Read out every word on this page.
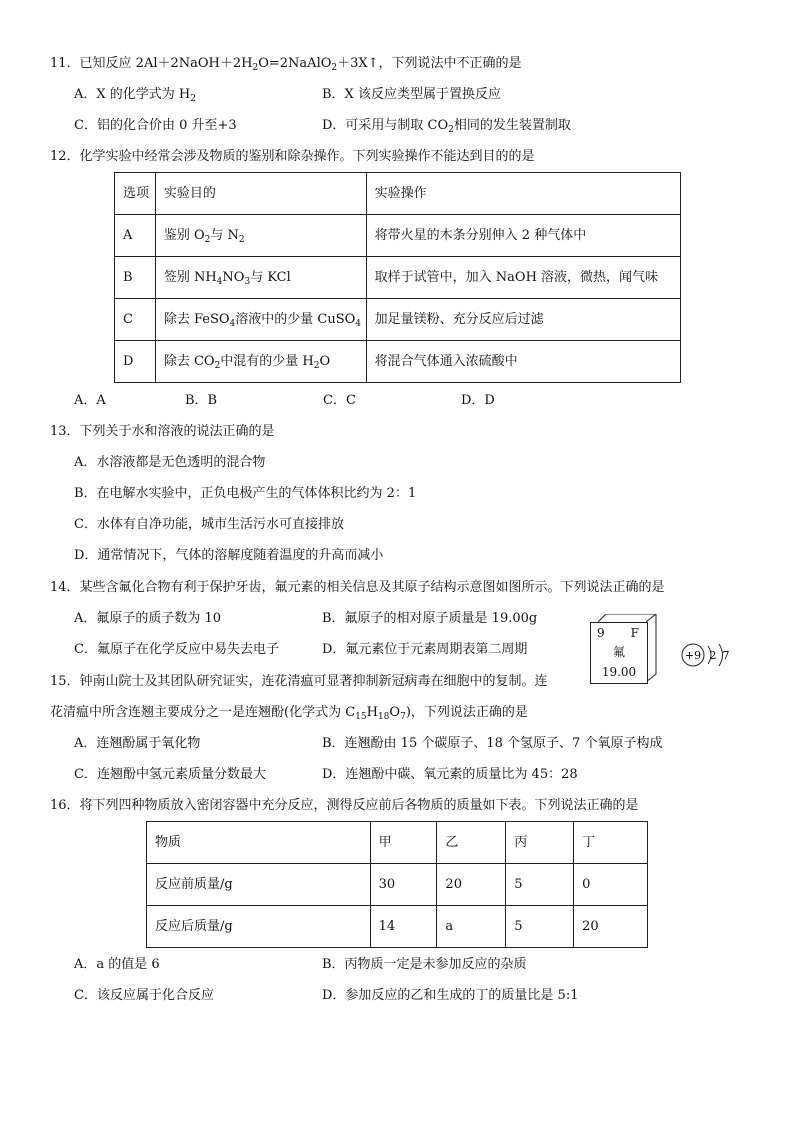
11．已知反应 $2Al+2NaOH+2H_2O=2NaAlO_2+3X↑$，下列说法中不正确的是
A．X 的化学式为 $H_2$	B．X 该反应类型属于置换反应
C．铝的化合价由 0 升至+3	D．可采用与制取 $CO_2$相同的发生装置制取
12．化学实验中经常会涉及物质的鉴别和除杂操作。下列实验操作不能达到目的的是
选项	实验目的	实验操作
A	鉴别 $O_2$与 $N_2$	将带火星的木条分别伸入 2 种气体中
B	签别 $NH_4NO_3$与 KCl	取样于试管中，加入 NaOH 溶液，微热，闻气味
C	除去 FeSO$_4$溶液中的少量 CuSO$_4$	加足量镁粉、充分反应后过滤
D	除去 $CO_2$中混有的少量 $H_2O$	将混合气体通入浓硫酸中
A．A	B．B	C．C	D．D
13．下列关于水和溶液的说法正确的是
A．水溶液都是无色透明的混合物
B．在电解水实验中，正负电极产生的气体体积比约为 2：1
C．水体有自净功能，城市生活污水可直接排放
D．通常情况下，气体的溶解度随着温度的升高而减小
14．某些含氟化合物有利于保护牙齿，氟元素的相关信息及其原子结构示意图如图所示。下列说法正确的是
A．氟原子的质子数为 10	B．氟原子的相对原子质量是 19.00g
C．氟原子在化学反应中易失去电子	D．氟元素位于元素周期表第二周期
9 F
氟
19.00
+9 2 7
15．钟南山院士及其团队研究证实，连花清瘟可显著抑制新冠病毒在细胞中的复制。连
花清瘟中所含连翘主要成分之一是连翘酚(化学式为 $C_{15}H_{18}O_7$)，下列说法正确的是
A．连翘酚属于氧化物	B．连翘酚由 15 个碳原子、18 个氢原子、7 个氧原子构成
C．连翘酚中氢元素质量分数最大	D．连翘酚中碳、氧元素的质量比为 45：28
16．将下列四种物质放入密闭容器中充分反应，测得反应前后各物质的质量如下表。下列说法正确的是
物质	甲	乙	丙	丁
反应前质量/g	30	20	5	0
反应后质量/g	14	a	5	20
A．a 的值是 6	B．丙物质一定是未参加反应的杂质
C．该反应属于化合反应	D．参加反应的乙和生成的丁的质量比是 5:1
